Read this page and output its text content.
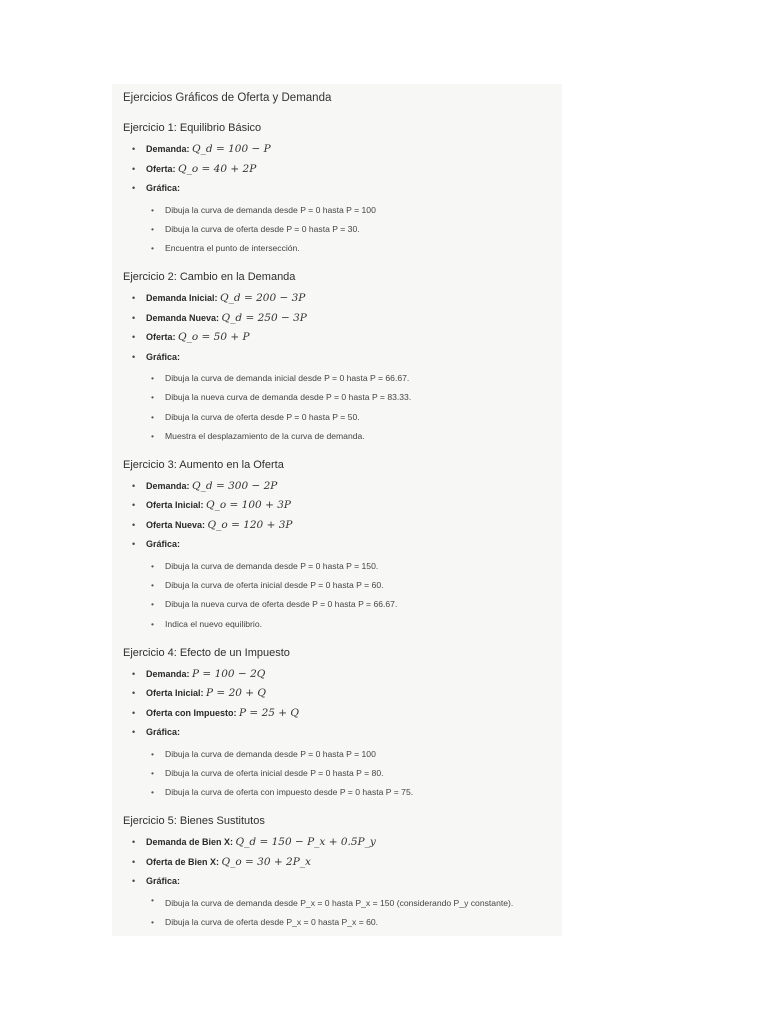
Ejercicios Gráficos de Oferta y Demanda
Ejercicio 1: Equilibrio Básico
• Demanda: Q_d = 100 − P
• Oferta: Q_o = 40 + 2P
• Gráfica:
• Dibuja la curva de demanda desde P = 0 hasta P = 100
• Dibuja la curva de oferta desde P = 0 hasta P = 30.
• Encuentra el punto de intersección.
Ejercicio 2: Cambio en la Demanda
• Demanda Inicial: Q_d = 200 − 3P
• Demanda Nueva: Q_d = 250 − 3P
• Oferta: Q_o = 50 + P
• Gráfica:
• Dibuja la curva de demanda inicial desde P = 0 hasta P = 66.67.
• Dibuja la nueva curva de demanda desde P = 0 hasta P = 83.33.
• Dibuja la curva de oferta desde P = 0 hasta P = 50.
• Muestra el desplazamiento de la curva de demanda.
Ejercicio 3: Aumento en la Oferta
• Demanda: Q_d = 300 − 2P
• Oferta Inicial: Q_o = 100 + 3P
• Oferta Nueva: Q_o = 120 + 3P
• Gráfica:
• Dibuja la curva de demanda desde P = 0 hasta P = 150.
• Dibuja la curva de oferta inicial desde P = 0 hasta P = 60.
• Dibuja la nueva curva de oferta desde P = 0 hasta P = 66.67.
• Indica el nuevo equilibrio.
Ejercicio 4: Efecto de un Impuesto
• Demanda: P = 100 − 2Q
• Oferta Inicial: P = 20 + Q
• Oferta con Impuesto: P = 25 + Q
• Gráfica:
• Dibuja la curva de demanda desde P = 0 hasta P = 100
• Dibuja la curva de oferta inicial desde P = 0 hasta P = 80.
• Dibuja la curva de oferta con impuesto desde P = 0 hasta P = 75.
Ejercicio 5: Bienes Sustitutos
• Demanda de Bien X: Q_d = 150 − P_x + 0.5P_y
• Oferta de Bien X: Q_o = 30 + 2P_x
• Gráfica:
• Dibuja la curva de demanda desde P_x = 0 hasta P_x = 150 (considerando P_y constante).
• Dibuja la curva de oferta desde P_x = 0 hasta P_x = 60.
